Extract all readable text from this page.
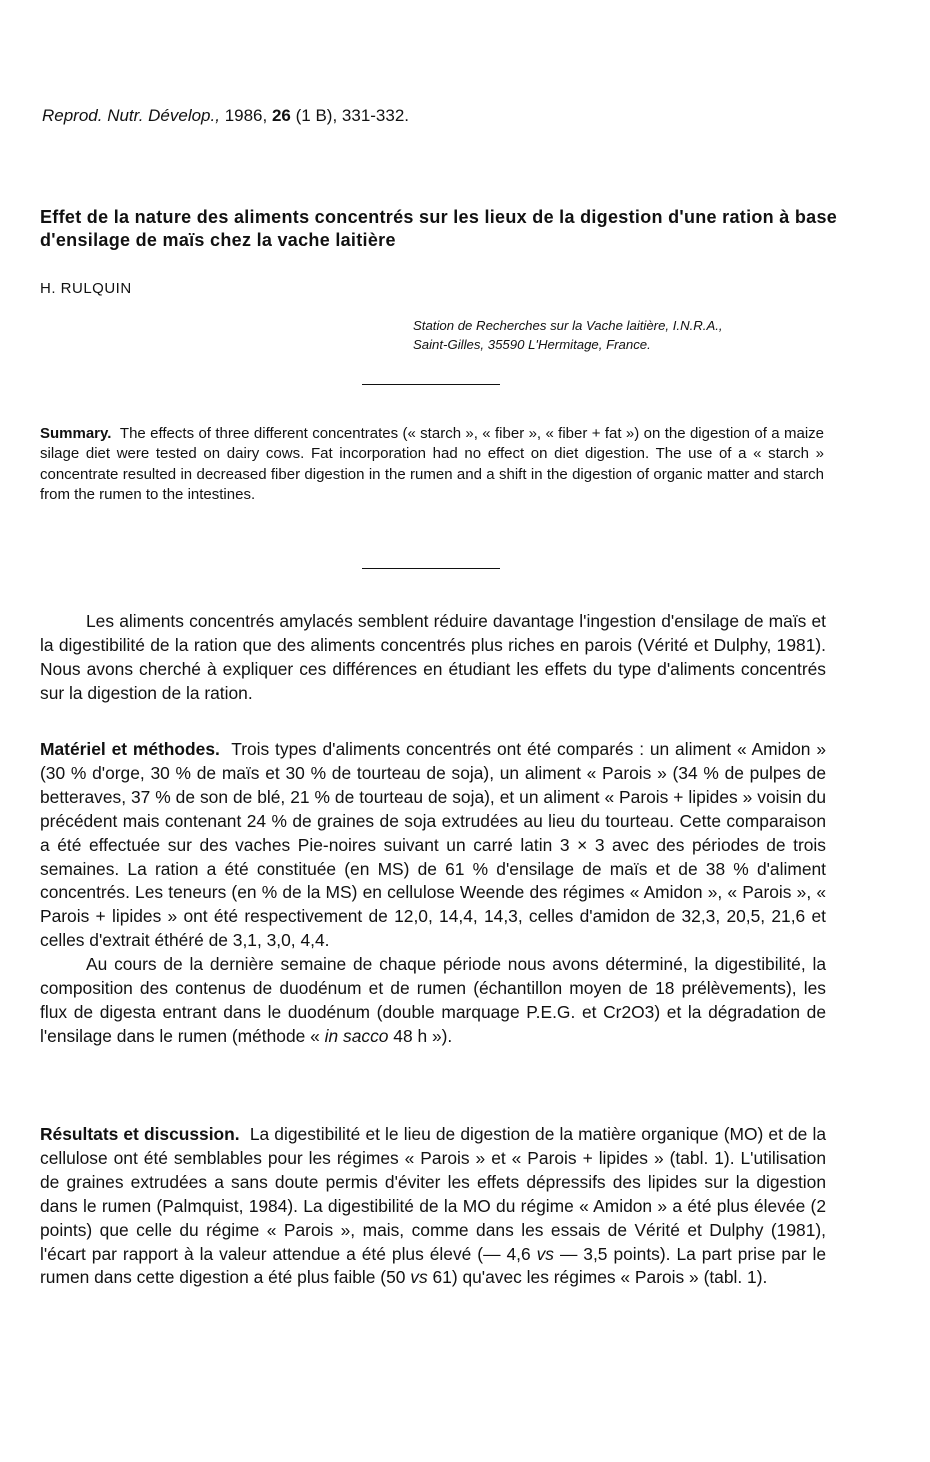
Reprod. Nutr. Dévelop., 1986, 26 (1 B), 331-332.
Effet de la nature des aliments concentrés sur les lieux de la digestion d'une ration à base d'ensilage de maïs chez la vache laitière
H. RULQUIN
Station de Recherches sur la Vache laitière, I.N.R.A.,
Saint-Gilles, 35590 L'Hermitage, France.
Summary. The effects of three different concentrates (« starch », « fiber », « fiber + fat ») on the digestion of a maize silage diet were tested on dairy cows. Fat incorporation had no effect on diet digestion. The use of a « starch » concentrate resulted in decreased fiber digestion in the rumen and a shift in the digestion of organic matter and starch from the rumen to the intestines.
Les aliments concentrés amylacés semblent réduire davantage l'ingestion d'ensilage de maïs et la digestibilité de la ration que des aliments concentrés plus riches en parois (Vérité et Dulphy, 1981). Nous avons cherché à expliquer ces différences en étudiant les effets du type d'aliments concentrés sur la digestion de la ration.
Matériel et méthodes. Trois types d'aliments concentrés ont été comparés : un aliment « Amidon » (30 % d'orge, 30 % de maïs et 30 % de tourteau de soja), un aliment « Parois » (34 % de pulpes de betteraves, 37 % de son de blé, 21 % de tourteau de soja), et un aliment « Parois + lipides » voisin du précédent mais contenant 24 % de graines de soja extrudées au lieu du tourteau. Cette comparaison a été effectuée sur des vaches Pie-noires suivant un carré latin 3 × 3 avec des périodes de trois semaines. La ration a été constituée (en MS) de 61 % d'ensilage de maïs et de 38 % d'aliment concentrés. Les teneurs (en % de la MS) en cellulose Weende des régimes « Amidon », « Parois », « Parois + lipides » ont été respectivement de 12,0, 14,4, 14,3, celles d'amidon de 32,3, 20,5, 21,6 et celles d'extrait éthéré de 3,1, 3,0, 4,4.
Au cours de la dernière semaine de chaque période nous avons déterminé, la digestibilité, la composition des contenus de duodénum et de rumen (échantillon moyen de 18 prélèvements), les flux de digesta entrant dans le duodénum (double marquage P.E.G. et Cr2O3) et la dégradation de l'ensilage dans le rumen (méthode « in sacco 48 h »).
Résultats et discussion. La digestibilité et le lieu de digestion de la matière organique (MO) et de la cellulose ont été semblables pour les régimes « Parois » et « Parois + lipides » (tabl. 1). L'utilisation de graines extrudées a sans doute permis d'éviter les effets dépressifs des lipides sur la digestion dans le rumen (Palmquist, 1984). La digestibilité de la MO du régime « Amidon » a été plus élevée (2 points) que celle du régime « Parois », mais, comme dans les essais de Vérité et Dulphy (1981), l'écart par rapport à la valeur attendue a été plus élevé (— 4,6 vs — 3,5 points). La part prise par le rumen dans cette digestion a été plus faible (50 vs 61) qu'avec les régimes « Parois » (tabl. 1).
